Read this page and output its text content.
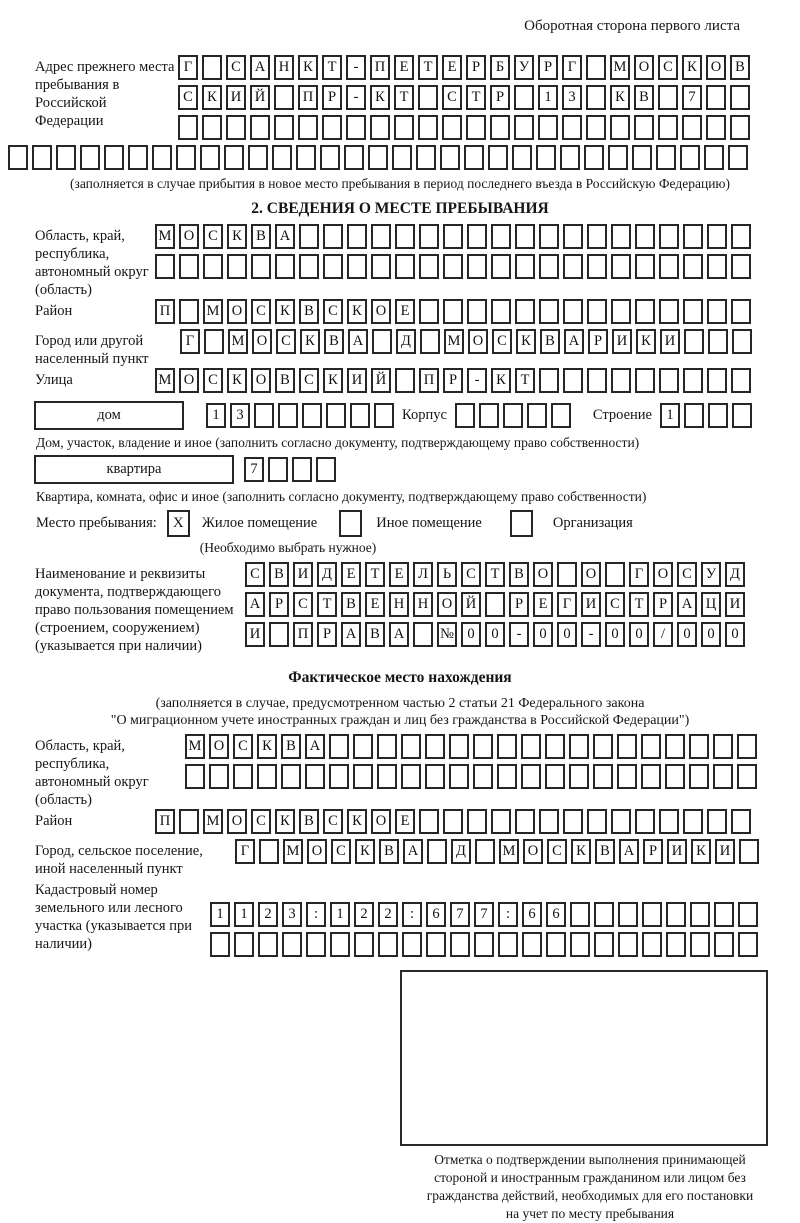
Оборотная сторона первого листа
Адрес прежнего места пребывания в Российской Федерации
Г	С А Н К	Т	-	П Е	Т	Е	Р	Б	У	Р	Г	М О С К О В
С К И Й	П	Р	-	К	Т	С	Т	Р	1	3	К В	7
(заполняется в случае прибытия в новое место пребывания в период последнего въезда в Российскую Федерацию)
2. СВЕДЕНИЯ О МЕСТЕ ПРЕБЫВАНИЯ
Область, край, республика, автономный округ (область)
М О С К В А
Район	П	М О С К В С К О Е
Город или другой населенный пункт
Г	М О С К В А	Д	М О С К В А	Р	И К И
Улица	М О С К О В С К И Й	П	Р	-	К	Т
дом	1	3	Корпус	Строение 1
Дом, участок, владение и иное (заполнить согласно документу, подтверждающему право собственности)
квартира	7
Квартира, комната, офис и иное (заполнить согласно документу, подтверждающему право собственности)
Место пребывания:	X	Жилое помещение	Иное помещение	Организация
(Необходимо выбрать нужное)
Наименование и реквизиты документа, подтверждающего право пользования помещением (строением, сооружением) (указывается при наличии)
С В И Д	Е	Т	Е	Л	Ь	С	Т	В О	О	Г	О С У Д
А	Р	С	Т	В	Е Н Н О Й	Р	Е	Г	И С	Т	Р	А Ц И
И	П	Р	А В А	№ 0	0	-	0	0	-	0	0	/	0	0	0
Фактическое место нахождения
(заполняется в случае, предусмотренном частью 2 статьи 21 Федерального закона
"О миграционном учете иностранных граждан и лиц без гражданства в Российской Федерации")
Область, край, республика, автономный округ (область)
М О С К В А
Район	П	М О С К В С К О Е
Город, сельское поселение, иной населенный пункт
Г	М О С К В А	Д	М О С К В А	Р	И К И
Кадастровый номер земельного или лесного участка (указывается при наличии)
1	1	2	3	:	1	2	2	:	6	7	7	:	6	6
Отметка о подтверждении выполнения принимающей
стороной и иностранным гражданином или лицом без
гражданства действий, необходимых для его постановки
на учет по месту пребывания
